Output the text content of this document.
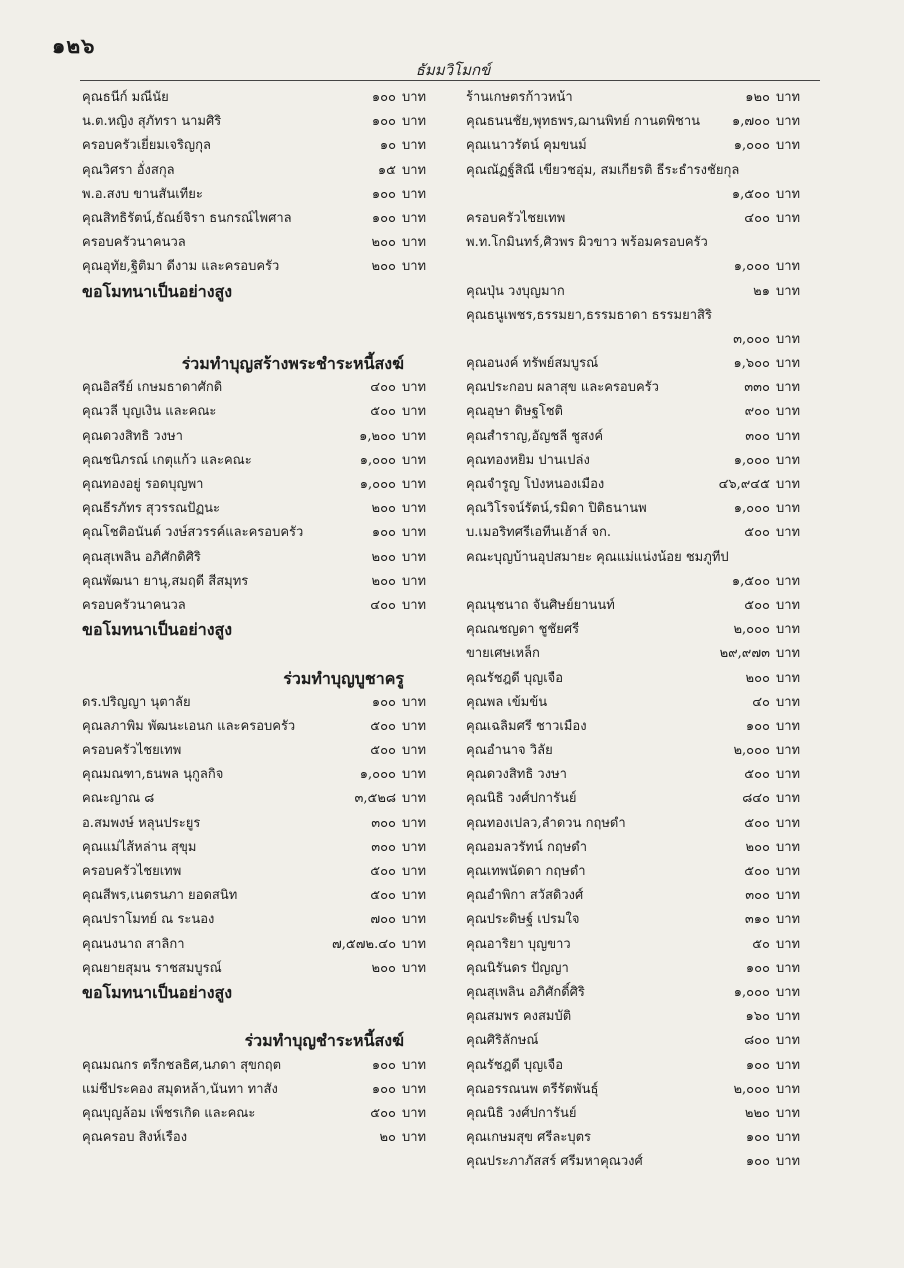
๑๒๖
ธัมมวิโมกข์
คุณธนีก์ มณีนัย	๑๐๐ บาท
น.ต.หญิง สุภัทรา นามศิริ	๑๐๐ บาท
ครอบครัวเยี่ยมเจริญกุล	๑๐ บาท
คุณวิศรา อั่งสกุล	๑๕ บาท
พ.อ.สงบ ขานสันเทียะ	๑๐๐ บาท
คุณสิทธิรัตน์,ธัณย์จิรา ธนกรณ์ไพศาล	๑๐๐ บาท
ครอบครัวนาคนวล	๒๐๐ บาท
คุณอุทัย,ฐิติมา ดีงาม และครอบครัว	๒๐๐ บาท
ขอโมทนาเป็นอย่างสูง
ร่วมทำบุญสร้างพระชำระหนี้สงฆ์
คุณอิสรีย์ เกษมธาดาศักดิ	๔๐๐ บาท
คุณวลี บุญเงิน และคณะ	๕๐๐ บาท
คุณดวงสิทธิ วงษา	๑,๒๐๐ บาท
คุณชนิภรณ์ เกตุแก้ว และคณะ	๑,๐๐๐ บาท
คุณทองอยู่ รอดบุญพา	๑,๐๐๐ บาท
คุณธีรภัทร สุวรรณปัฏนะ	๒๐๐ บาท
คุณโชติอนันต์ วงษ์สวรรค์และครอบครัว	๑๐๐ บาท
คุณสุเพลิน อภิศักดิศิริ	๒๐๐ บาท
คุณพัฒนา ยานุ,สมฤดี สีสมุทร	๒๐๐ บาท
ครอบครัวนาคนวล	๔๐๐ บาท
ขอโมทนาเป็นอย่างสูง
ร่วมทำบุญบูชาครู
ดร.ปริญญา นุตาลัย	๑๐๐ บาท
คุณลภาพิม พัฒนะเอนก และครอบครัว	๕๐๐ บาท
ครอบครัวไชยเทพ	๕๐๐ บาท
คุณมณฑา,ธนพล นุกูลกิจ	๑,๐๐๐ บาท
คณะญาณ ๘	๓,๕๒๘ บาท
อ.สมพงษ์ หลุนประยูร	๓๐๐ บาท
คุณแม่ไส้หล่าน สุขุม	๓๐๐ บาท
ครอบครัวไชยเทพ	๕๐๐ บาท
คุณสีพร,เนตรนภา ยอดสนิท	๕๐๐ บาท
คุณปราโมทย์ ณ ระนอง	๗๐๐ บาท
คุณนงนาถ สาลิกา	๗,๕๗๒.๔๐ บาท
คุณยายสุมน ราชสมบูรณ์	๒๐๐ บาท
ขอโมทนาเป็นอย่างสูง
ร่วมทำบุญชำระหนี้สงฆ์
คุณมณกร ตรีกชลธิศ,นภดา สุขกฤต	๑๐๐ บาท
แม่ชีประคอง สมุดหล้า,นันทา ทาสัง	๑๐๐ บาท
คุณบุญล้อม เพ็ชรเกิด และคณะ	๕๐๐ บาท
คุณครอบ สิงห์เรือง	๒๐ บาท
ร้านเกษตรก้าวหน้า	๑๒๐ บาท
คุณธนนชัย,พุทธพร,ฌานพิทย์ กานตพิชาน	๑,๗๐๐ บาท
คุณเนาวรัตน์ คุมขนม์	๑,๐๐๐ บาท
คุณณัฏฐ์สิณี เขียวชอุ่ม, สมเกียรติ ธีระธำรงชัยกุล
๑,๕๐๐ บาท
ครอบครัวไชยเทพ	๔๐๐ บาท
พ.ท.โกมินทร์,ศิวพร ผิวขาว พร้อมครอบครัว
๑,๐๐๐ บาท
คุณปุ่น วงบุญมาก	๒๑ บาท
คุณธนูเพชร,ธรรมยา,ธรรมธาดา ธรรมยาสิริ
๓,๐๐๐ บาท
คุณอนงค์ ทรัพย์สมบูรณ์	๑,๖๐๐ บาท
คุณประกอบ ผลาสุข และครอบครัว	๓๓๐ บาท
คุณอุษา ดิษฐโชติ	๙๐๐ บาท
คุณสำราญ,อัญชลี ชูสงค์	๓๐๐ บาท
คุณทองหยิม ปานเปล่ง	๑,๐๐๐ บาท
คุณจำรูญ โป่งหนองเมือง	๔๖,๙๔๕ บาท
คุณวิโรจน์รัตน์,รมิดา ปิติธนานพ	๑,๐๐๐ บาท
บ.เมอริทศรีเอทีนเฮ้าส์ จก.	๕๐๐ บาท
คณะบุญบ้านอุปสมายะ คุณแม่แน่งน้อย ชมภูทีป
๑,๕๐๐ บาท
คุณนุชนาถ จันศิษย์ยานนท์	๕๐๐ บาท
คุณณชญดา ชูชัยศรี	๒,๐๐๐ บาท
ขายเศษเหล็ก	๒๙,๙๗๓ บาท
คุณรัชฎดี บุญเจือ	๒๐๐ บาท
คุณพล เข้มข้น	๔๐ บาท
คุณเฉลิมศรี ชาวเมือง	๑๐๐ บาท
คุณอำนาจ วิลัย	๒,๐๐๐ บาท
คุณดวงสิทธิ วงษา	๕๐๐ บาท
คุณนิธิ วงศ์ปการันย์	๘๔๐ บาท
คุณทองเปลว,ลำดวน กฤษดำ	๕๐๐ บาท
คุณอมลวรัทน์ กฤษดำ	๒๐๐ บาท
คุณเทพนัดดา กฤษดำ	๕๐๐ บาท
คุณอำพิกา สวัสดิวงศ์	๓๐๐ บาท
คุณประดิษฐ์ เปรมใจ	๓๑๐ บาท
คุณอาริยา บุญขาว	๕๐ บาท
คุณนิรันดร ปัญญา	๑๐๐ บาท
คุณสุเพลิน อภิศักดิ์ศิริ	๑,๐๐๐ บาท
คุณสมพร คงสมบัติ	๑๖๐ บาท
คุณศิริลักษณ์	๘๐๐ บาท
คุณรัชฎดี บุญเจือ	๑๐๐ บาท
คุณอรรณนพ ตรีรัตพันธุ์	๒,๐๐๐ บาท
คุณนิธิ วงศ์ปการันย์	๒๒๐ บาท
คุณเกษมสุข ศรีละบุตร	๑๐๐ บาท
คุณประภาภัสสร์ ศรีมหาคุณวงศ์	๑๐๐ บาท
